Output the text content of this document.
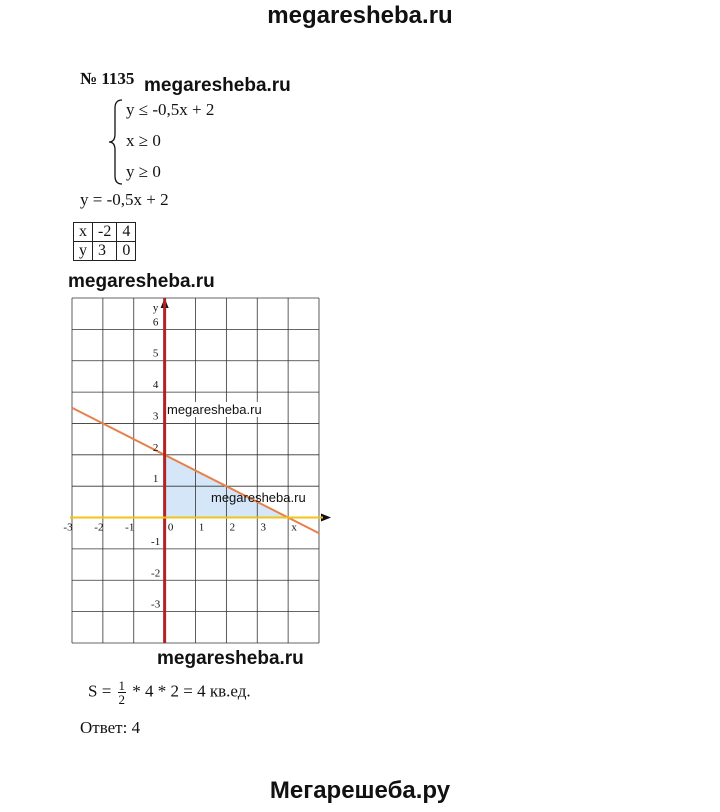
megaresheba.ru
№ 1135 megaresheba.ru
y ≤ -0,5x + 2
x ≥ 0
y ≥ 0
y = -0,5x + 2
x	-2	4
y	3	0
megaresheba.ru
-3 -2 -1	0 1 2 3
6
5
4
3
2
1
-1
-2
-3
x
y
megaresheba.ru
megaresheba.ru
megaresheba.ru
$S = \frac{1}{2} * 4 * 2 = 4$ кв.ед.
Ответ: 4
Мегарешеба.ру
